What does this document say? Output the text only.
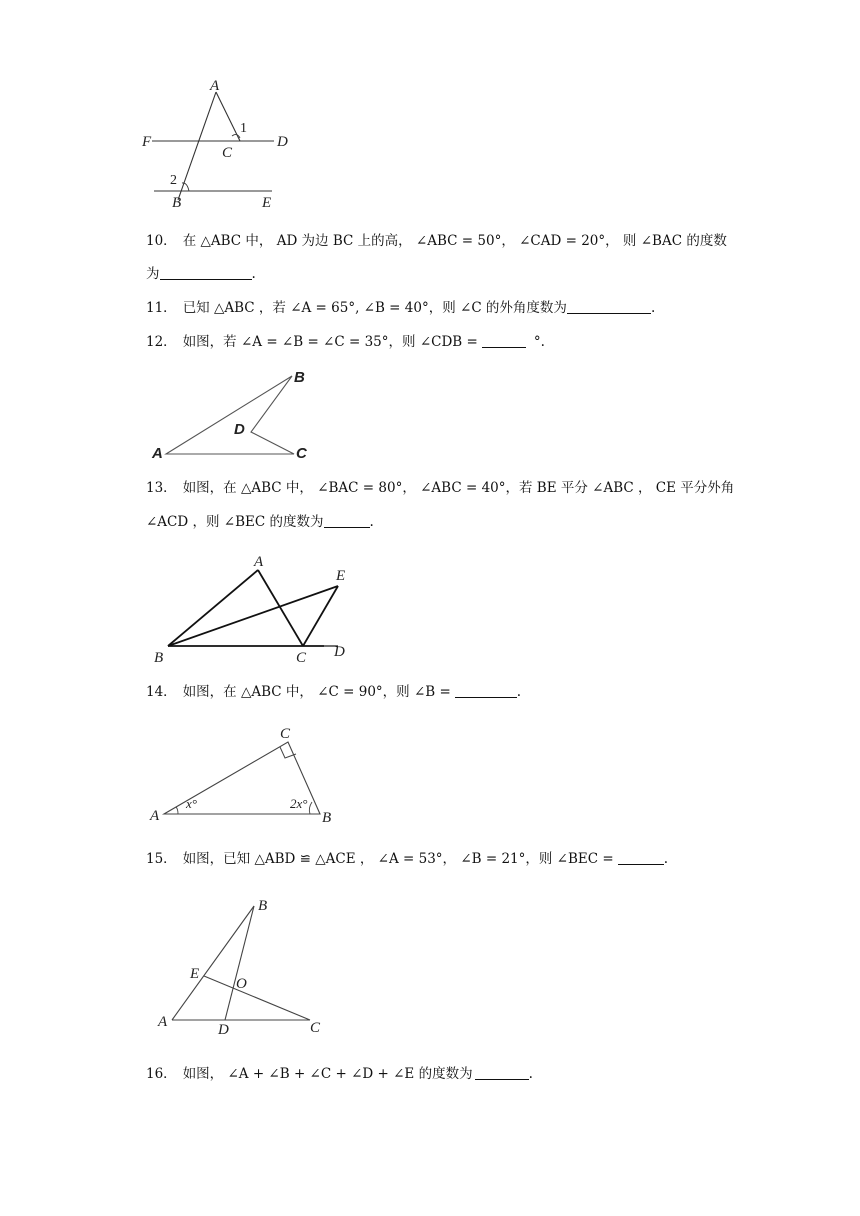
A
F
C
D
1
2
B	E
10． 在 △ABC 中， AD 为边 BC 上的高， ∠ABC = 50°， ∠CAD = 20°， 则 ∠BAC 的度数
为	.
11． 已知 △ABC ，若 ∠A = 65°, ∠B = 40°，则 ∠C 的外角度数为	.
12． 如图，若 ∠A = ∠B = ∠C = 35°，则 ∠CDB =	°.
A
B
D
C
13． 如图，在 △ABC 中， ∠BAC = 80°， ∠ABC = 40°，若 BE 平分 ∠ABC ， CE 平分外角
∠ACD ，则 ∠BEC 的度数为	.
A
B	C D
E
14． 如图，在 △ABC 中， ∠C = 90°，则 ∠B =	.
A	B
C
x°	2x°
15． 如图，已知 △ABD ≌ △ACE ， ∠A = 53°， ∠B = 21°，则 ∠BEC =	.
B
E
O
A	D	C
16． 如图， ∠A + ∠B + ∠C + ∠D + ∠E 的度数为	.
